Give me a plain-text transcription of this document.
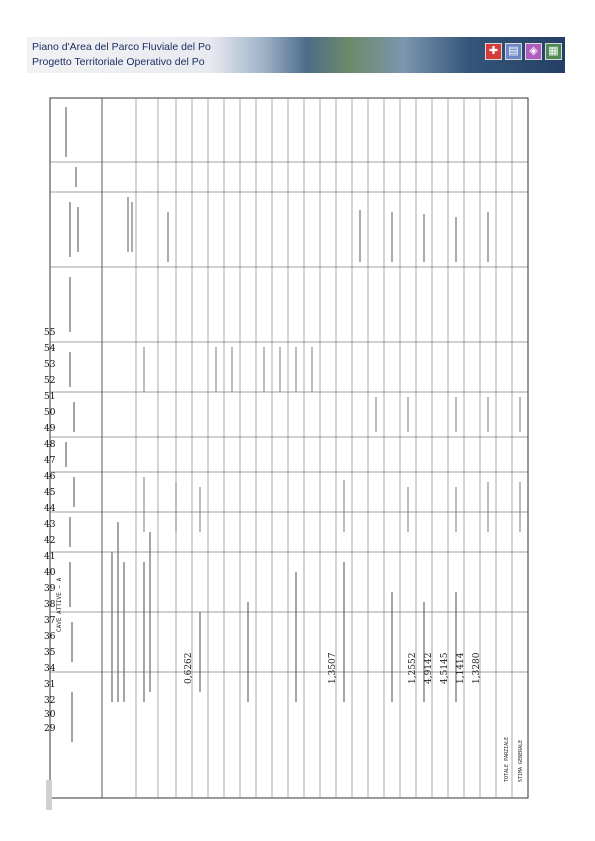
Piano d'Area del Parco Fluviale del Po
Progetto Territoriale Operativo del Po
✚ ▤ ◈ ▦
CAVE ATTIVE — A
29
30
32
31
34
35
36
37
38
39
40
41
42
43
44
45
46
47
48
49
50
51
52
53
54
55
0,6262	1,3507	1,2552 4,9142 4,5145 1,1414 1,3280
TOTALE PARZIALE STIMA GENERALE
